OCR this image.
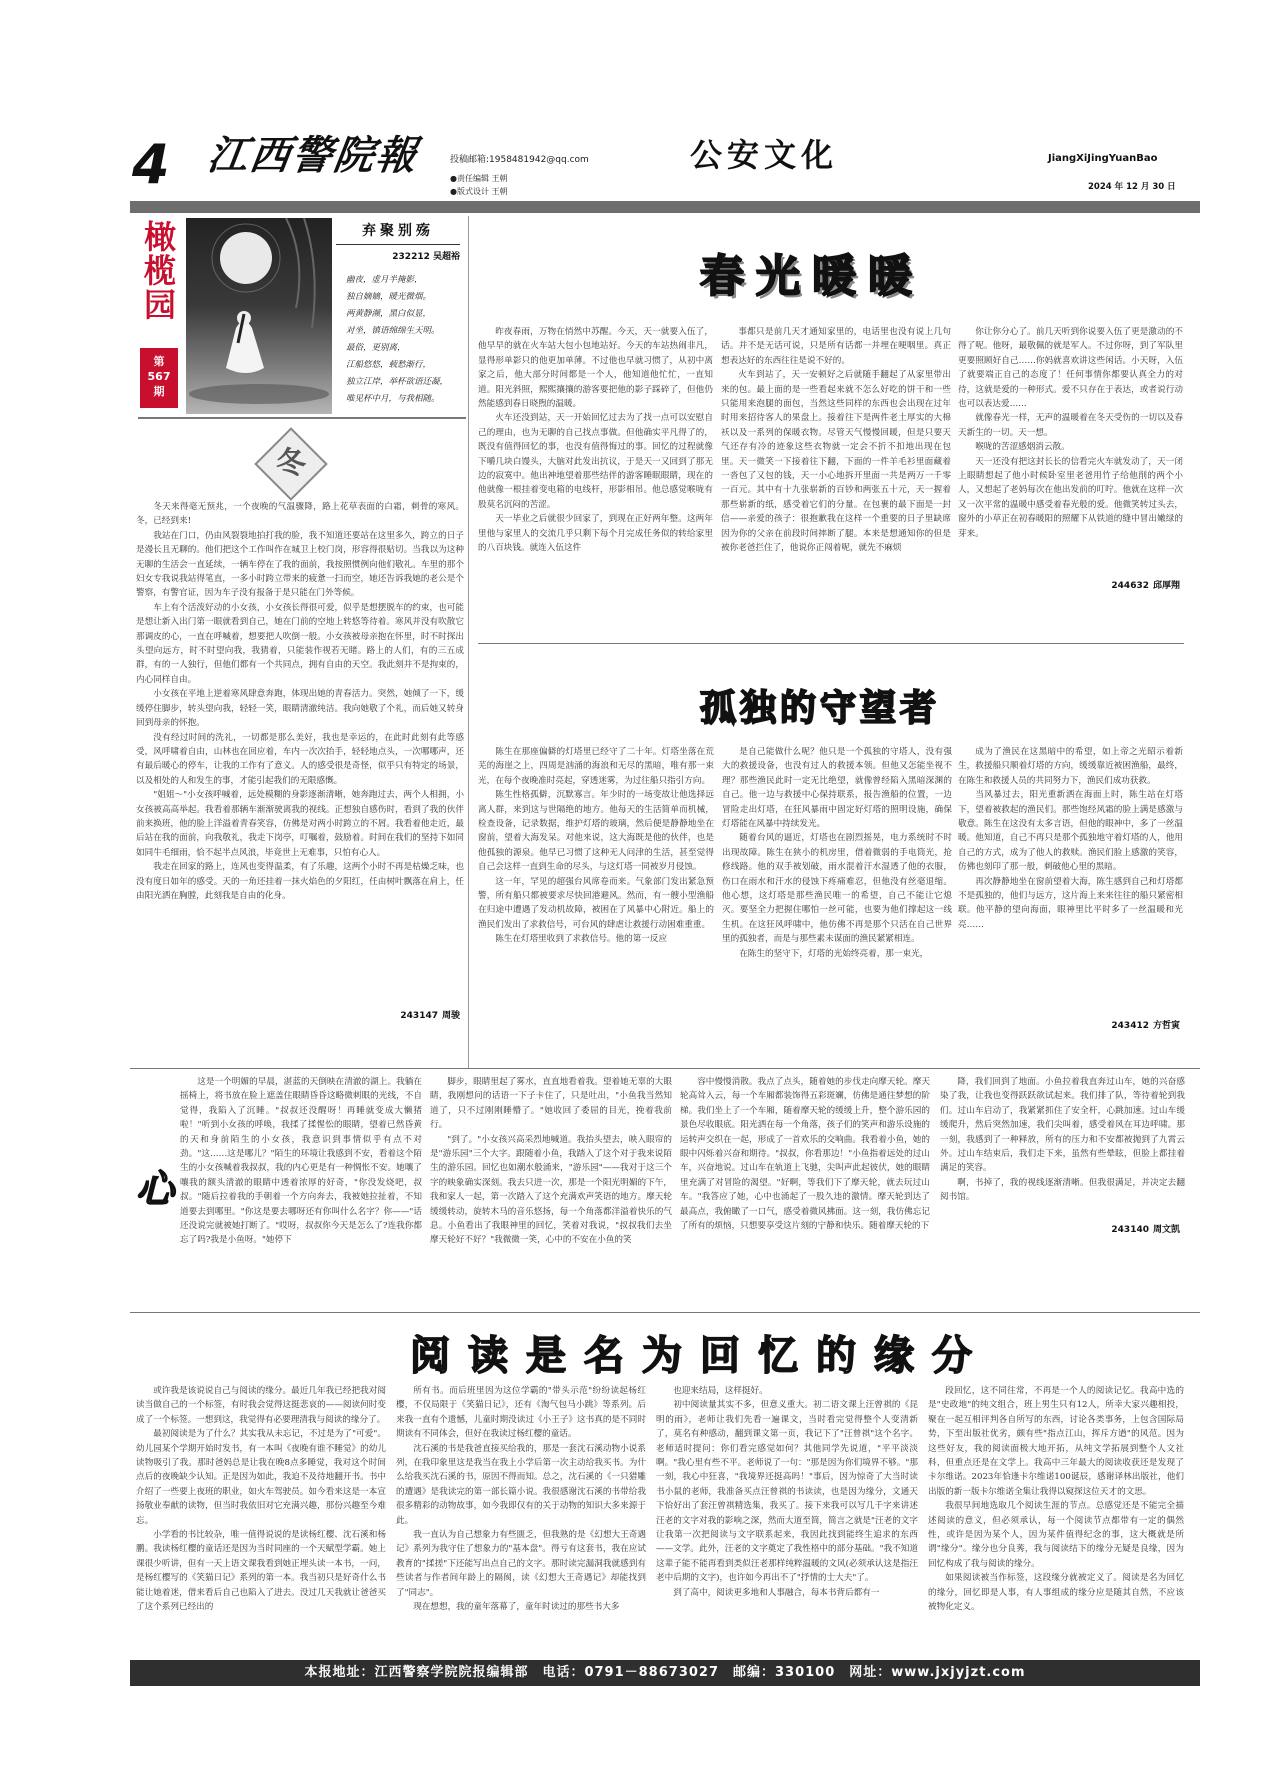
4 江西警院報	投稿邮箱:1958481942@qq.com
●责任编辑 王朝
●版式设计 王朝
公安文化	JiangXiJingYuanBao
2024 年 12 月 30 日
橄榄园
第567期
弃聚别殇
232212 吴超裕
幽夜，虚月半掩影，
独自嫡嫡，暖光微烟。
两黄静濒，黑白似显，
对坐，镇语绵绵生天明。
最俗，更别离，
江船悠悠，载愁渐行，
独立江岸，举杯欲语还凝，
唯见杯中月，与我相随。
冬

冬天来得毫无预兆，一个夜晚的气温骤降，路上花草表面的白霜，刺骨的寒风。冬，已经到来!

我站在门口，仍由风裂裂地拍打我的脸，我不知道还要站在这里多久，跨立的日子是漫长且无聊的。他们把这个工作叫作在城卫上校门岗，形容得很贴切。当我以为这种无聊的生活会一直延续，一辆车停在了我的面前，我按照惯例向他们敬礼。车里的那个妇女专我说我站得笔直，一多小时跨立带来的疲惫一扫而空，她还告诉我她的老公是个警察，有警官证，因为车子没有报备于是只能在门外等候。

车上有个活泼好动的小女孩，小女孩长得很可爱，似乎是想摆脱车的约束，也可能是想让新入出门第一眼就看到自己，她在门前的空地上转悠等待着。寒风并没有吹散它那调皮的心，一直在呼喊着，想要把人吹倒一般。小女孩被母亲抱在怀里，时不时探出头望向远方，时不时望向我，我猜着，只能装作视若无睹。路上的人们，有的三五成群，有的一人独行，但他们都有一个共同点，拥有自由的天空。我此刻并不是拘束的，内心同样自由。

小女孩在平地上逆着寒风肆意奔跑，体现出她的青春活力。突然，她倾了一下，缓缓停住脚步，转头望向我，轻轻一笑，眼睛清澈纯洁。我向她敬了个礼，而后她又转身回到母亲的怀抱。

没有经过时间的洗礼，一切都是那么美好，我也是幸运的，在此时此刻有此等感受，风呼啸着自由，山林也在回应着，车内一次次抬手，轻轻地点头，一次哪哪声，还有最后暖心的停车，让我的工作有了意义。人的感受很是奇怪，似乎只有特定的场景，以及相处的人和发生的事，才能引起我们的无限感慨。

"姐姐～"小女孩呼喊着，远处模糊的身影逐渐清晰，她奔跑过去，两个人相拥，小女孩被高高举起。我看着那辆车渐渐驶离我的视线。正想独自感伤时，看到了我的伙伴前来换班，他的脸上洋溢着青春笑容，仿佛是对两小时跨立的不屑。我看着他走近，最后站在我的面前，向我敬礼，我走下岗亭，叮嘱着，鼓励着。时间在我们的坚持下如同如同牛毛细雨，恰不起半点风浪，毕竟世上无难事，只怕有心人。

我走在回家的路上，连风也变得温柔，有了乐趣，这两个小时不再是枯燥乏味，也没有度日如年的感受。天的一角还挂着一抹火焰色的夕阳红，任由树叶飘落在肩上，任由阳光洒在胸膛，此刻我是自由的化身。

243147 周骏
春光暖暖

昨夜春雨，万物在悄然中苏醒。今天，天一就要入伍了，他早早的就在火车站大包小包地站好。今天的车站热闹非凡，显得形单影只的他更加单薄。不过他也早就习惯了，从初中离家之后，他大部分时间都是一个人，他知道他忙忙，一直知道。阳光斜照，熙熙攘攘的游客要把他的影子踩碎了，但他仍然能感到春日晓煦的温暖。

火车还没到站，天一开始回忆过去为了找一点可以安慰自己的理由，也为无聊的自己找点事做。但他确实平凡得了的，既没有值得回忆的事，也没有值得悔过的事。回忆的过程就像下嚼几块白馒头，大脑对此发出抗议，于是天一又回到了那无边的寂寞中。他出神地望着那些结伴的游客睡眠眼睛，现在的他就像一根挂着变电箱的电线杆，形影相吊。他总感觉喉咙有股莫名沉闷的苦涩。

天一毕业之后就很少回家了，到现在正好两年整。这两年里他与家里人的交流几乎只剩下每个月完成任务似的转给家里的八百块钱。就连入伍这件

事都只是前几天才通知家里的，电话里也没有说上几句话。并不是无话可说，只是所有话都一并埋在哽咽里。真正想表达好的东西往往是说不好的。

火车到站了，天一安顿好之后就随手翻起了从家里带出来的包。最上面的是一些看起来就不怎么好吃的饼干和一些只能用来泡腿的面包，当然这些同样的东西也会出现在过年时用来招待客人的果盘上。接着往下是两件老土厚实的大棉袄以及一系列的保暖衣物。尽管天气慢慢回暖，但是只要天气还存有冷的迹象这些衣物就一定会不折不扣地出现在包里。天一微笑一下接着往下翻，下面的一件羊毛衫里面藏着一沓包了又包的钱，天一小心地拆开里面一共是两万一千零一百元。其中有十九张崭新的百钞和两张五十元，天一握着那些崭新的纸，感受着它们的分量。在包裹的最下面是一封信——亲爱的孩子：很抱歉我在这样一个重要的日子里缺席因为你的父亲在前段时间摔断了腿。本来是想通知你的但是被你老爸拦住了，他说你正闯着呢，就先不麻烦

你让你分心了。前几天听到你说要入伍了更是激动的不得了呢。他呀，最敬佩的就是军人。不过你呀，到了军队里更要照顾好自己……你妈就喜欢讲这些闲话。小天呀，入伍了就要端正自己的态度了！任何事情你都要认真全力的对待，这就是爱的一种形式。爱不只存在于表达，或者说行动也可以表达爱……

就像春光一样，无声的温暖着在冬天受伤的一切以及春天新生的一切。天一想。

喉咙的苦涩感烟消云散。

天一还没有把这封长长的信看完火车就发动了，天一闭上眼睛想起了他小时候卧室里老爸用竹子给他削的两个小人，又想起了老妈每次在他出发前的叮咛。他就在这样一次又一次平常的温暖中感受着春光般的爱。他微笑转过头去，窗外的小草正在初春暖阳的照耀下从铁道的缝中冒出嫩绿的芽来。

244632 邱厚翔
孤独的守望者

陈生在那座偏僻的灯塔里已经守了二十年。灯塔坐落在荒芜的海崖之上，四周是汹涌的海浪和无尽的黑暗，唯有那一束光，在每个夜晚准时亮起，穿透迷雾，为过往船只指引方向。

陈生性格孤僻，沉默寡言。年少时的一场变故让他选择远离人群，来到这与世隔绝的地方。他每天的生活简单而机械，检查设备，记录数据，维护灯塔的玻璃，然后便是静静地坐在窗前，望着大海发呆。对他来说，这大海既是他的伙伴，也是他孤独的源泉。他早已习惯了这种无人问津的生活，甚至觉得自己会这样一直到生命的尽头，与这灯塔一同被岁月侵蚀。

这一年，罕见的超强台风席卷而来。气象部门发出紧急预警，所有船只都被要求尽快回港避风。然而，有一艘小型渔船在归途中遭遇了发动机故障，被困在了风暴中心附近。船上的渔民们发出了求救信号，可台风的肆虐让救援行动困难重重。

陈生在灯塔里收到了求救信号。他的第一反应

是自己能做什么呢？他只是一个孤独的守塔人，没有强大的救援设备，也没有过人的救援本领。但他又怎能坐视不理？那些渔民此时一定无比绝望，就像曾经陷入黑暗深渊的自己。他一边与救援中心保持联系，报告渔船的位置，一边冒险走出灯塔，在狂风暴雨中固定好灯塔的照明设施，确保灯塔能在风暴中持续发光。

随着台风的逼近，灯塔也在剧烈摇晃，电力系统时不时出现故障。陈生在狭小的机房里，借着微弱的手电筒光，抢修线路。他的双手被划破，雨水混着汗水湿透了他的衣服，伤口在雨水和汗水的侵蚀下疼痛难忍，但他没有丝毫退缩。他心想，这灯塔是那些渔民唯一的希望，自己不能让它熄灭。要坚全力把握住哪怕一丝可能，也要为他们撑起这一线生机。在这狂风呼啸中，他仿佛不再是那个只活在自己世界里的孤独者，而是与那些素未谋面的渔民紧紧相连。

在陈生的坚守下，灯塔的光始终亮着，那一束光，

成为了渔民在这黑暗中的希望，如上帝之光昭示着新生，救援船只顺着灯塔的方向，缓缓靠近被困渔船，最终，在陈生和救援人员的共同努力下，渔民们成功获救。

当风暴过去，阳光重新洒在海面上时，陈生站在灯塔下，望着被救起的渔民们。那些饱经风霜的脸上满是感激与敬意。陈生在这没有太多言语，但他的眼神中，多了一丝温暖。他知道，自己不再只是那个孤独地守着灯塔的人，他用自己的方式，成为了他人的救赎。渔民们脸上感激的笑容，仿佛也刻印了那一般，刺破他心里的黑暗。

再次静静地坐在窗前望着大海，陈生感到自己和灯塔都不是孤独的，他们与远方，这片海上来来往往的船只紧密相联。他平静的望向海面，眼神里比平时多了一丝温暖和光亮……

243412 方哲寅
心

这是一个明媚的早晨，湛蓝的天倒映在清澈的湖上。我躺在摇椅上，将书放在脸上遮盖住眼睛昏昏这略微刺眼的光线，不自觉得，我陷入了沉睡。"叔叔还没醒呀！再睡就变成大懒猪啦！"听到小女孩的呼唤，我揉了揉惺忪的眼睛，望着已然昏黄的天和身前陌生的小女孩，我意识到事情似乎有点不对劲。"这……这是哪儿？"陌生的环境让我感到不安，看着这个陌生的小女孩喊着我叔叔，我的内心更是有一种惆怅不安。她嚷了嚷我的额头清澈的眼睛中透着浓厚的好奇，"你没发烧吧，叔叔。"随后拉着我的手朝着一个方向奔去，我被她拉扯着，不知道要去到哪里。"你这是要去哪呀还有你叫什么名字？你——"话还没说完就被她打断了。"哎呀，叔叔你今天是怎么了?连我你都忘了吗?我是小鱼呀。"她停下

脚步，眼睛里起了雾水，直直地看着我。望着她无辜的大眼睛，我刚想问的话语一下子卡住了，只是吐出，"小鱼我当然知道了，只不过刚刚睡懵了。"她收回了委屈的目光，挽着我前行。

"到了。"小女孩兴高采烈地喊道。我抬头望去，映入眼帘的是"游乐园"三个大字。跟随着小鱼，我踏入了这个对于我来说陌生的游乐园。回忆也如潮水般涌来，"游乐园"——我对于这三个字的映象确实深刻。我去只进一次，那是一个阳光明媚的下午，我和家人一起，第一次踏入了这个充满欢声笑语的地方。摩天轮缓缓转动，旋转木马的音乐悠扬，每一个角落都洋溢着快乐的气息。小鱼看出了我眼神里的回忆，笑着对我说，"叔叔我们去坐摩天轮好不好？"我微微一笑，心中的不安在小鱼的笑

容中慢慢消散。我点了点头，随着她的步伐走向摩天轮。摩天轮高耸入云，每一个车厢都装饰得五彩斑斓，仿佛是通往梦想的阶梯。我们坐上了一个车厢，随着摩天轮的缓缓上升，整个游乐园的景色尽收眼底。阳光洒在每一个角落，孩子们的笑声和游乐设施的运转声交织在一起，形成了一首欢乐的交响曲。我看着小鱼，她的眼中闪烁着兴奋和期待。"叔叔，你看那边！"小鱼指着远处的过山车，兴奋地说。过山车在轨道上飞驰，尖叫声此起彼伏，她的眼睛里充满了对冒险的渴望。"好啊，等我们下了摩天轮，就去玩过山车。"我答应了她，心中也涌起了一股久违的激情。摩天轮到达了最高点，我俯瞰了一口气，感受着微风拂面。这一刻，我仿佛忘记了所有的烦恼，只想要享受这片刻的宁静和快乐。随着摩天轮的下

降，我们回到了地面。小鱼拉着我直奔过山车，她的兴奋感染了我，让我也变得跃跃欲试起来。我们排了队，等待着轮到我们。过山车启动了，我紧紧抓住了安全杆，心跳加速。过山车缓缓爬升，然后突然加速，我们尖叫着，感受着风在耳边呼啸。那一刻，我感到了一种释放，所有的压力和不安都被抛到了九霄云外。过山车结束后，我们走下来，虽然有些晕眩，但脸上都挂着满足的笑容。

啊，书掉了，我的视线逐渐清晰。但我很满足，并决定去翻阅书馆。

243140 周文凯
阅读是名为回忆的缘分

或许我是该说说自己与阅读的缘分。最近几年我已经把我对阅读当做自己的一个标签，有时我会觉得这挺悲哀的——阅读何时变成了一个标签。一想到这，我觉得有必要理清我与阅读的缘分了。

最初阅读是为了什么？其实我从未忘记，不过是为了"可爱"。幼儿园某个学期开始时发书，有一本叫《夜晚有谁不睡觉》的幼儿读物吸引了我。那时爸妈总是让我在晚8点多睡觉，我对这个时间点后的夜晚缺少认知。正是因为如此，我迫不及待地翻开书。书中介绍了一些要上夜班的职业，如火车驾驶员。如今看来这是一本宣扬敬业奉献的读物，但当时我依旧对它充满兴趣，那份兴趣至今难忘。

小学看的书比较杂，唯一值得说说的是读杨红樱、沈石溪和杨鹏。我读杨红樱的童话还是因为当时同座的一个天赋型学霸。她上课很少听讲，但有一天上语文课我看到她正埋头读一本书，一问，是杨红樱写的《笑猫日记》系列的第一本。我当初只是好奇什么书能让她着迷，借来看后自己也陷入了进去。没过几天我就让爸爸买了这个系列已经出的

所有书。而后班里因为这位学霸的"带头示范"纷纷读起杨红樱，不仅局限于《笑猫日记》，还有《淘气包马小跳》等系列。后来我一直有个遗憾，儿童时期没读过《小王子》这书真的是不同时期读有不同体会，但好在我读过杨红樱的童话。

沈石溪的书是我爸直接买给我的，那是一套沈石溪动物小说系列，在我印象里这是我当在我上小学后第一次主动给我买书。为什么给我买沈石溪的书，原因不得而知。总之，沈石溪的《一只猎雕的遭遇》是我读完的第一部长篇小说。我很感谢沈石溪的书带给我很多精彩的动物故事，如今我即仅有的关于动物的知识大多来源于此。

我一直认为自己想象力有些匮乏，但我熟的是《幻想大王奇遇记》系列为我守住了想象力的"基本盘"。得亏有这套书，我在应试教育的"揉搓"下还能写出点自己的文字。那时读完漏洞我就感到有些读者与作者间年龄上的隔阂，读《幻想大王奇遇记》却能找到了"同志"。

现在想想，我的童年落幕了，童年时读过的那些书大多

也迎来结局，这样挺好。

初中阅读量其实不多，但意义重大。初二语文课上汪曾祺的《昆明的雨》，老师让我们先看一遍课文，当时看完觉得整个人变清新了，莫名有种感动，翻到课文第一页，我记下了"汪曾祺"这个名字。老师适时提问：你们看完感觉如何？其他同学先说道，"平平淡淡啊。"我心里有些不平。老师说了一句："那是因为你们境界不够。"那一刻，我心中狂喜，"我境界还挺高吗！"事后，因为惊奇了大当时读书小鼠的老师，我准备买点汪曾祺的书读读，也是因为缘分，文通天下恰好出了套汪曾祺精选集，我买了。接下来我可以写几千字来讲述汪老的文字对我的影响之深，然而大道至简，简言之就是"汪老的文字让我第一次把阅读与文字联系起来，我因此找到能终生追求的东西——文学。此外，汪老的文字奠定了我性格中的部分基础。"我不知道这辈子能不能再看到类似汪老那样纯粹温暖的文风(必须承认这是指汪老中后期的文字)，也许如今再出不了"抒情的士大夫"了。

到了高中，阅读更多地和人事融合，每本书背后都有一

段回忆，这不同往常，不再是一个人的阅读记忆。我高中选的是"史政地"的纯文组合，班上男生只有12人，所幸大家兴趣相投，聚在一起互相评判各自所写的东西，讨论各类事务，上包含国际局势，下至出版社优劣，颇有些"指点江山，挥斥方遒"的风范。因为这些好友，我的阅读面极大地开拓，从纯文学拓展到整个人文社科，但重点还是在文学上。我高中三年最大的阅读收获还是发现了卡尔维诺。2023年恰逢卡尔维诺100诞辰，感谢译林出版社，他们出版的新一版卡尔维诺全集让我得以窥探这位天才的文思。

我很早间地选取几个阅读生涯的节点。总感觉还是不能完全描述阅读的意义，但必须承认，每一个阅读节点都带有一定的偶然性，或许是因为某个人，因为某件值得纪念的事，这大概就是所谓"缘分"。缘分也分良莠，我与阅读结下的缘分无疑是良缘，因为回忆构成了我与阅读的缘分。

如果阅读被当作标签，这段缘分就被定义了。阅读是名为回忆的缘分，回忆即是人事，有人事组成的缘分应是随其自然，不应该被物化定义。

本报地址：江西警察学院院报编辑部　电话：0791－88673027　邮编：330100　网址：www.jxjyjzt.com
